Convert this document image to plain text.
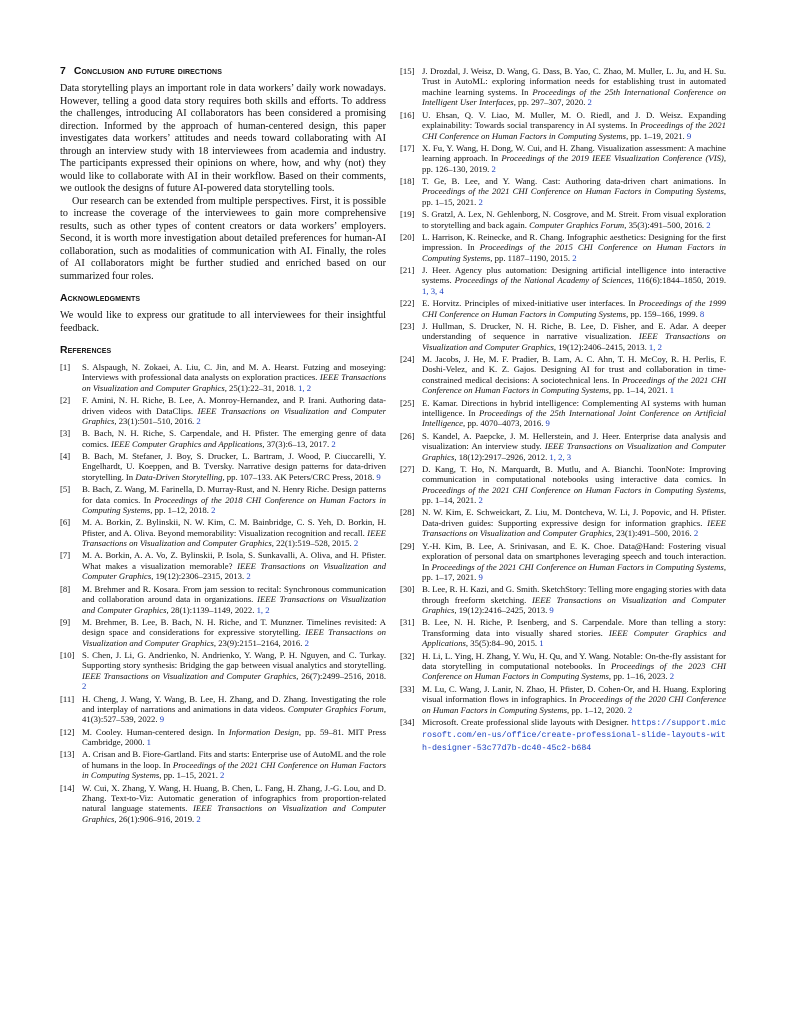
7 Conclusion and future directions

Data storytelling plays an important role in data workers’ daily work nowadays. However, telling a good data story requires both skills and efforts. To address the challenges, introducing AI collaborators has been considered a promising direction. Informed by the approach of human-centered design, this paper investigates data workers’ attitudes and needs toward collaborating with AI through an interview study with 18 interviewees from academia and industry. The participants expressed their opinions on where, how, and why (not) they would like to collaborate with AI in their workflow. Based on their comments, we outlook the designs of future AI-powered data storytelling tools.

Our research can be extended from multiple perspectives. First, it is possible to increase the coverage of the interviewees to gain more comprehensive results, such as other types of content creators or data workers’ employers. Second, it is worth more investigation about detailed preferences for human-AI collaboration, such as modalities of communication with AI. Finally, the roles of AI collaborators might be further studied and enriched based on our summarized four roles.

Acknowledgments

We would like to express our gratitude to all interviewees for their insightful feedback.

References
[1]	S. Alspaugh, N. Zokaei, A. Liu, C. Jin, and M. A. Hearst. Futzing and moseying: Interviews with professional data analysts on exploration practices. IEEE Transactions on Visualization and Computer Graphics, 25(1):22–31, 2018. 1, 2
[2]	F. Amini, N. H. Riche, B. Lee, A. Monroy-Hernandez, and P. Irani. Authoring data-driven videos with DataClips. IEEE Transactions on Visualization and Computer Graphics, 23(1):501–510, 2016. 2
[3]	B. Bach, N. H. Riche, S. Carpendale, and H. Pfister. The emerging genre of data comics. IEEE Computer Graphics and Applications, 37(3):6–13, 2017. 2
[4]	B. Bach, M. Stefaner, J. Boy, S. Drucker, L. Bartram, J. Wood, P. Ciuccarelli, Y. Engelhardt, U. Koeppen, and B. Tversky. Narrative design patterns for data-driven storytelling. In Data-Driven Storytelling, pp. 107–133. AK Peters/CRC Press, 2018. 9
[5]	B. Bach, Z. Wang, M. Farinella, D. Murray-Rust, and N. Henry Riche. Design patterns for data comics. In Proceedings of the 2018 CHI Conference on Human Factors in Computing Systems, pp. 1–12, 2018. 2
[6]	M. A. Borkin, Z. Bylinskii, N. W. Kim, C. M. Bainbridge, C. S. Yeh, D. Borkin, H. Pfister, and A. Oliva. Beyond memorability: Visualization recognition and recall. IEEE Transactions on Visualization and Computer Graphics, 22(1):519–528, 2015. 2
[7]	M. A. Borkin, A. A. Vo, Z. Bylinskii, P. Isola, S. Sunkavalli, A. Oliva, and H. Pfister. What makes a visualization memorable? IEEE Transactions on Visualization and Computer Graphics, 19(12):2306–2315, 2013. 2
[8]	M. Brehmer and R. Kosara. From jam session to recital: Synchronous communication and collaboration around data in organizations. IEEE Transactions on Visualization and Computer Graphics, 28(1):1139–1149, 2022. 1, 2
[9]	M. Brehmer, B. Lee, B. Bach, N. H. Riche, and T. Munzner. Timelines revisited: A design space and considerations for expressive storytelling. IEEE Transactions on Visualization and Computer Graphics, 23(9):2151–2164, 2016. 2
[10] S. Chen, J. Li, G. Andrienko, N. Andrienko, Y. Wang, P. H. Nguyen, and C. Turkay. Supporting story synthesis: Bridging the gap between visual analytics and storytelling. IEEE Transactions on Visualization and Computer Graphics, 26(7):2499–2516, 2018. 2
[11] H. Cheng, J. Wang, Y. Wang, B. Lee, H. Zhang, and D. Zhang. Investigating the role and interplay of narrations and animations in data videos. Computer Graphics Forum, 41(3):527–539, 2022. 9
[12] M. Cooley. Human-centered design. In Information Design, pp. 59–81. MIT Press Cambridge, 2000. 1
[13] A. Crisan and B. Fiore-Gartland. Fits and starts: Enterprise use of AutoML and the role of humans in the loop. In Proceedings of the 2021 CHI Conference on Human Factors in Computing Systems, pp. 1–15, 2021. 2
[14] W. Cui, X. Zhang, Y. Wang, H. Huang, B. Chen, L. Fang, H. Zhang, J.-G. Lou, and D. Zhang. Text-to-Viz: Automatic generation of infographics from proportion-related natural language statements. IEEE Transactions on Visualization and Computer Graphics, 26(1):906–916, 2019. 2
[15] J. Drozdal, J. Weisz, D. Wang, G. Dass, B. Yao, C. Zhao, M. Muller, L. Ju, and H. Su. Trust in AutoML: exploring information needs for establishing trust in automated machine learning systems. In Proceedings of the 25th International Conference on Intelligent User Interfaces, pp. 297–307, 2020. 2
[16] U. Ehsan, Q. V. Liao, M. Muller, M. O. Riedl, and J. D. Weisz. Expanding explainability: Towards social transparency in AI systems. In Proceedings of the 2021 CHI Conference on Human Factors in Computing Systems, pp. 1–19, 2021. 9
[17] X. Fu, Y. Wang, H. Dong, W. Cui, and H. Zhang. Visualization assessment: A machine learning approach. In Proceedings of the 2019 IEEE Visualization Conference (VIS), pp. 126–130, 2019. 2
[18] T. Ge, B. Lee, and Y. Wang. Cast: Authoring data-driven chart animations. In Proceedings of the 2021 CHI Conference on Human Factors in Computing Systems, pp. 1–15, 2021. 2
[19] S. Gratzl, A. Lex, N. Gehlenborg, N. Cosgrove, and M. Streit. From visual exploration to storytelling and back again. Computer Graphics Forum, 35(3):491–500, 2016. 2
[20] L. Harrison, K. Reinecke, and R. Chang. Infographic aesthetics: Designing for the first impression. In Proceedings of the 2015 CHI Conference on Human Factors in Computing Systems, pp. 1187–1190, 2015. 2
[21] J. Heer. Agency plus automation: Designing artificial intelligence into interactive systems. Proceedings of the National Academy of Sciences, 116(6):1844–1850, 2019. 1, 3, 4
[22] E. Horvitz. Principles of mixed-initiative user interfaces. In Proceedings of the 1999 CHI Conference on Human Factors in Computing Systems, pp. 159–166, 1999. 8
[23] J. Hullman, S. Drucker, N. H. Riche, B. Lee, D. Fisher, and E. Adar. A deeper understanding of sequence in narrative visualization. IEEE Transactions on Visualization and Computer Graphics, 19(12):2406–2415, 2013. 1, 2
[24] M. Jacobs, J. He, M. F. Pradier, B. Lam, A. C. Ahn, T. H. McCoy, R. H. Perlis, F. Doshi-Velez, and K. Z. Gajos. Designing AI for trust and collaboration in time-constrained medical decisions: A sociotechnical lens. In Proceedings of the 2021 CHI Conference on Human Factors in Computing Systems, pp. 1–14, 2021. 1
[25] E. Kamar. Directions in hybrid intelligence: Complementing AI systems with human intelligence. In Proceedings of the 25th International Joint Conference on Artificial Intelligence, pp. 4070–4073, 2016. 9
[26] S. Kandel, A. Paepcke, J. M. Hellerstein, and J. Heer. Enterprise data analysis and visualization: An interview study. IEEE Transactions on Visualization and Computer Graphics, 18(12):2917–2926, 2012. 1, 2, 3
[27] D. Kang, T. Ho, N. Marquardt, B. Mutlu, and A. Bianchi. ToonNote: Improving communication in computational notebooks using interactive data comics. In Proceedings of the 2021 CHI Conference on Human Factors in Computing Systems, pp. 1–14, 2021. 2
[28] N. W. Kim, E. Schweickart, Z. Liu, M. Dontcheva, W. Li, J. Popovic, and H. Pfister. Data-driven guides: Supporting expressive design for information graphics. IEEE Transactions on Visualization and Computer Graphics, 23(1):491–500, 2016. 2
[29] Y.-H. Kim, B. Lee, A. Srinivasan, and E. K. Choe. Data@Hand: Fostering visual exploration of personal data on smartphones leveraging speech and touch interaction. In Proceedings of the 2021 CHI Conference on Human Factors in Computing Systems, pp. 1–17, 2021. 9
[30] B. Lee, R. H. Kazi, and G. Smith. SketchStory: Telling more engaging stories with data through freeform sketching. IEEE Transactions on Visualization and Computer Graphics, 19(12):2416–2425, 2013. 9
[31] B. Lee, N. H. Riche, P. Isenberg, and S. Carpendale. More than telling a story: Transforming data into visually shared stories. IEEE Computer Graphics and Applications, 35(5):84–90, 2015. 1
[32] H. Li, L. Ying, H. Zhang, Y. Wu, H. Qu, and Y. Wang. Notable: On-the-fly assistant for data storytelling in computational notebooks. In Proceedings of the 2023 CHI Conference on Human Factors in Computing Systems, pp. 1–16, 2023. 2
[33] M. Lu, C. Wang, J. Lanir, N. Zhao, H. Pfister, D. Cohen-Or, and H. Huang. Exploring visual information flows in infographics. In Proceedings of the 2020 CHI Conference on Human Factors in Computing Systems, pp. 1–12, 2020. 2
[34] Microsoft. Create professional slide layouts with Designer. https://support.microsoft.com/en-us/office/create-professional-slide-layouts-with-designer-53c77d7b-dc40-45c2-b684
